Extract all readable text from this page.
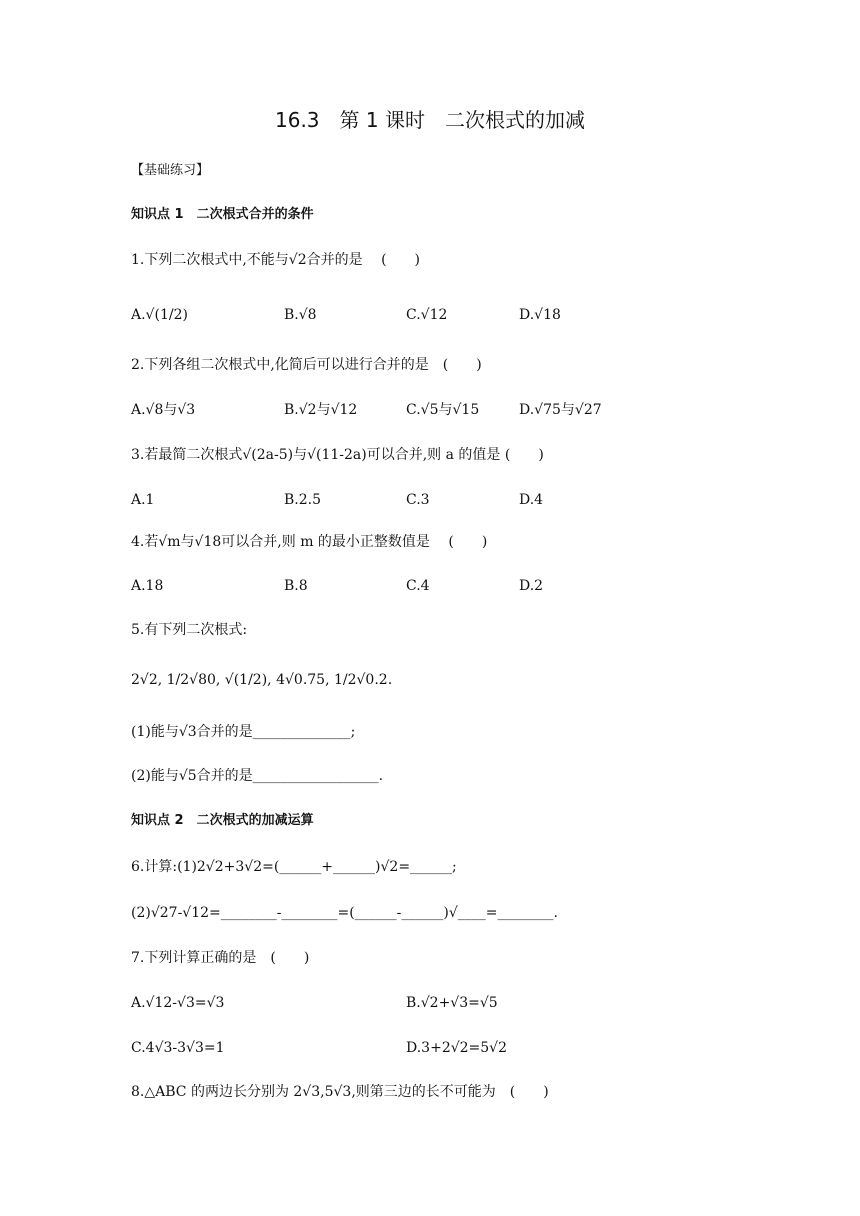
16.3　第 1 课时　二次根式的加减
【基础练习】
知识点 1　二次根式合并的条件
1.下列二次根式中,不能与√2合并的是　 (　　)
A.√(1/2)	B.√8	C.√12	D.√18
2.下列各组二次根式中,化简后可以进行合并的是　(　　)
A.√8与√3	B.√2与√12	C.√5与√15	D.√75与√27
3.若最简二次根式√(2a-5)与√(11-2a)可以合并,则 a 的值是 (　　)
A.1	B.2.5	C.3	D.4
4.若√m与√18可以合并,则 m 的最小正整数值是　 (　　)
A.18	B.8	C.4	D.2
5.有下列二次根式:
2√2, 1/2√80, √(1/2), 4√0.75, 1/2√0.2.
(1)能与√3合并的是______________;
(2)能与√5合并的是__________________.
知识点 2　二次根式的加减运算
6.计算:(1)2√2+3√2=(______+______)√2=______;
(2)√27-√12=________-________=(______-______)√____=________.
7.下列计算正确的是　(　　)
A.√12-√3=√3	B.√2+√3=√5
C.4√3-3√3=1	D.3+2√2=5√2
8.△ABC 的两边长分别为 2√3,5√3,则第三边的长不可能为　(　　)
